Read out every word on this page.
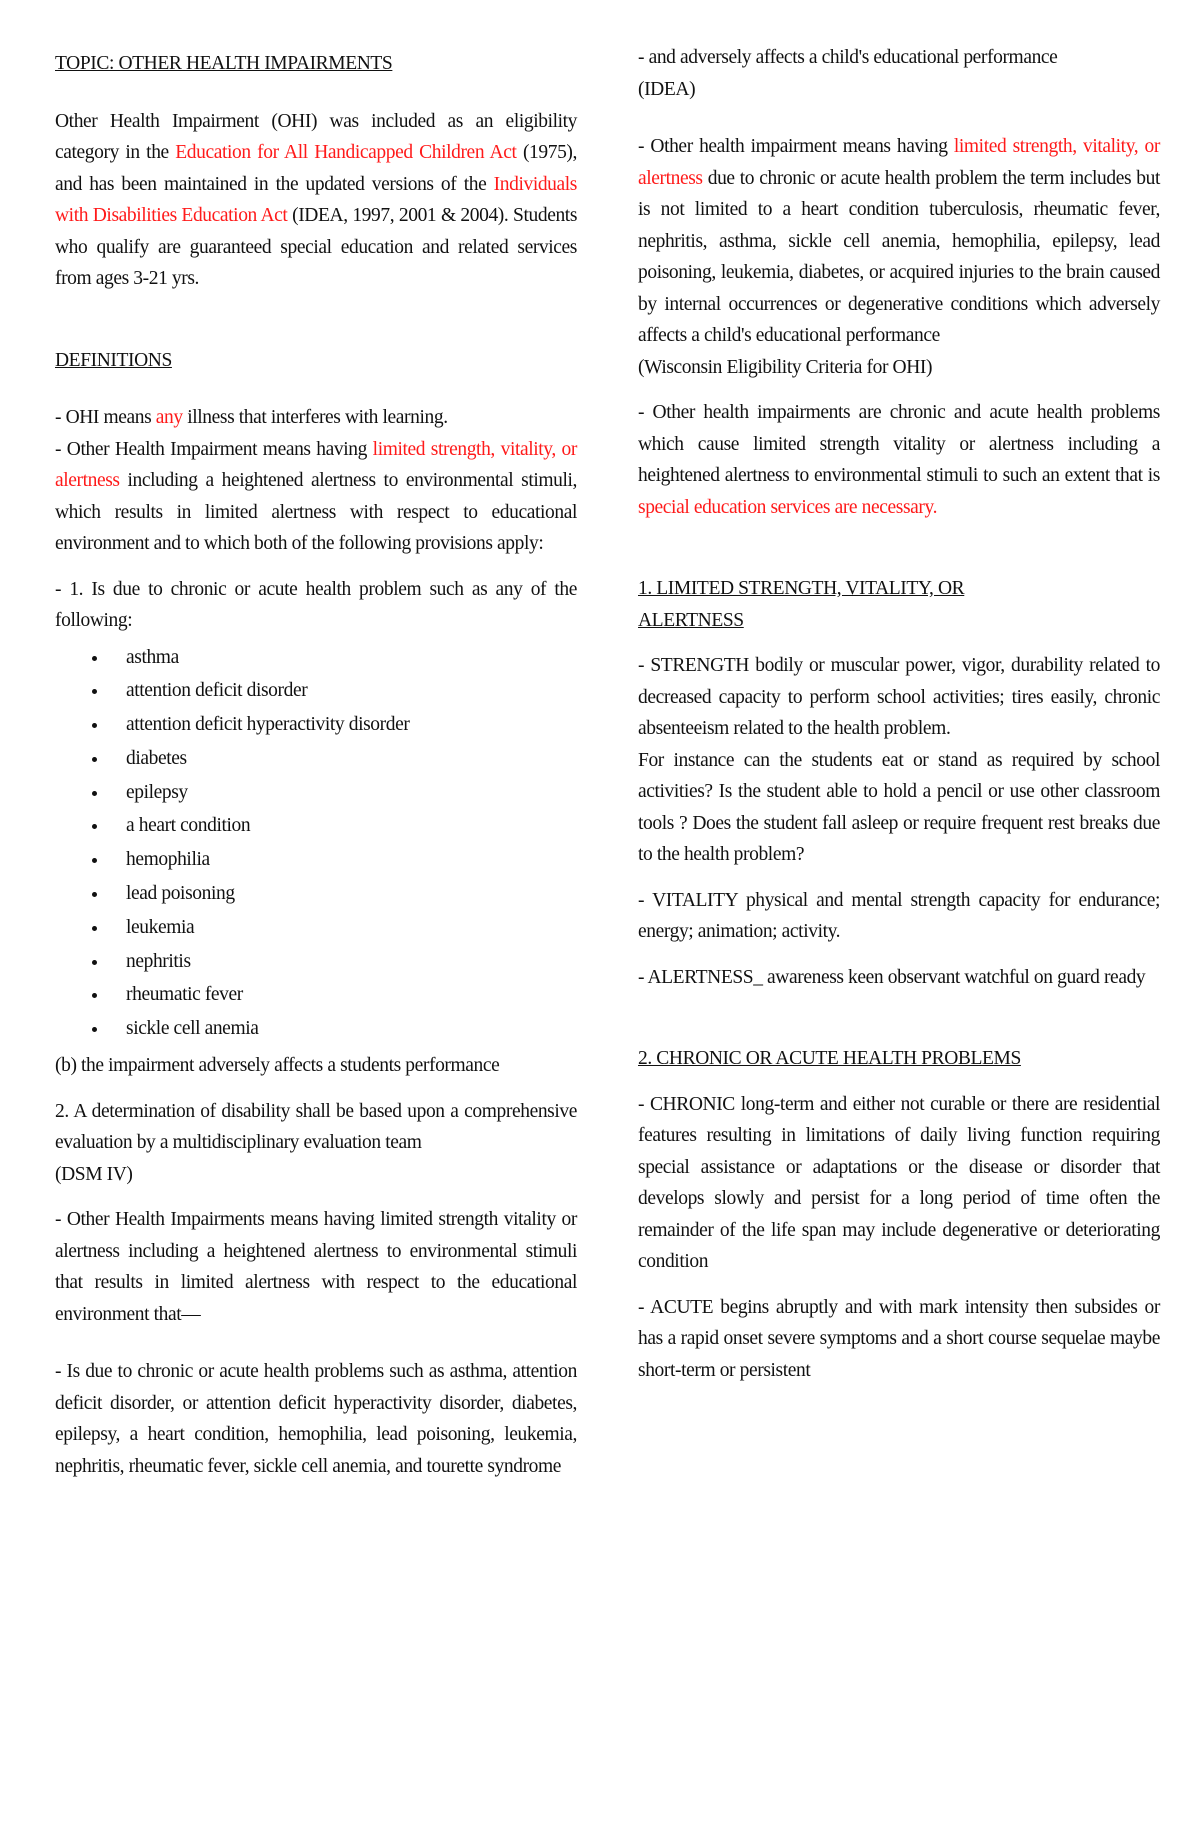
TOPIC: OTHER HEALTH IMPAIRMENTS

Other Health Impairment (OHI) was included as an eligibility category in the Education for All Handicapped Children Act (1975), and has been maintained in the updated versions of the Individuals with Disabilities Education Act (IDEA, 1997, 2001 & 2004). Students who qualify are guaranteed special education and related services from ages 3-21 yrs.

DEFINITIONS

- OHI means any illness that interferes with learning.

- Other Health Impairment means having limited strength, vitality, or alertness including a heightened alertness to environmental stimuli, which results in limited alertness with respect to educational environment and to which both of the following provisions apply:

- 1. Is due to chronic or acute health problem such as any of the following:

asthma
attention deficit disorder
attention deficit hyperactivity disorder
diabetes
epilepsy
a heart condition
hemophilia
lead poisoning
leukemia
nephritis
rheumatic fever
sickle cell anemia

(b) the impairment adversely affects a students performance

2. A determination of disability shall be based upon a comprehensive evaluation by a multidisciplinary evaluation team

(DSM IV)

- Other Health Impairments means having limited strength vitality or alertness including a heightened alertness to environmental stimuli that results in limited alertness with respect to the educational environment that—

- Is due to chronic or acute health problems such as asthma, attention deficit disorder, or attention deficit hyperactivity disorder, diabetes, epilepsy, a heart condition, hemophilia, lead poisoning, leukemia, nephritis, rheumatic fever, sickle cell anemia, and tourette syndrome

- and adversely affects a child's educational performance

(IDEA)

- Other health impairment means having limited strength, vitality, or alertness due to chronic or acute health problem the term includes but is not limited to a heart condition tuberculosis, rheumatic fever, nephritis, asthma, sickle cell anemia, hemophilia, epilepsy, lead poisoning, leukemia, diabetes, or acquired injuries to the brain caused by internal occurrences or degenerative conditions which adversely affects a child's educational performance

(Wisconsin Eligibility Criteria for OHI)

- Other health impairments are chronic and acute health problems which cause limited strength vitality or alertness including a heightened alertness to environmental stimuli to such an extent that is special education services are necessary.

1. LIMITED STRENGTH, VITALITY, OR ALERTNESS

- STRENGTH bodily or muscular power, vigor, durability related to decreased capacity to perform school activities; tires easily, chronic absenteeism related to the health problem.

For instance can the students eat or stand as required by school activities? Is the student able to hold a pencil or use other classroom tools ? Does the student fall asleep or require frequent rest breaks due to the health problem?

- VITALITY physical and mental strength capacity for endurance; energy; animation; activity.

- ALERTNESS_ awareness keen observant watchful on guard ready

2. CHRONIC OR ACUTE HEALTH PROBLEMS

- CHRONIC long-term and either not curable or there are residential features resulting in limitations of daily living function requiring special assistance or adaptations or the disease or disorder that develops slowly and persist for a long period of time often the remainder of the life span may include degenerative or deteriorating condition

- ACUTE begins abruptly and with mark intensity then subsides or has a rapid onset severe symptoms and a short course sequelae maybe short-term or persistent
